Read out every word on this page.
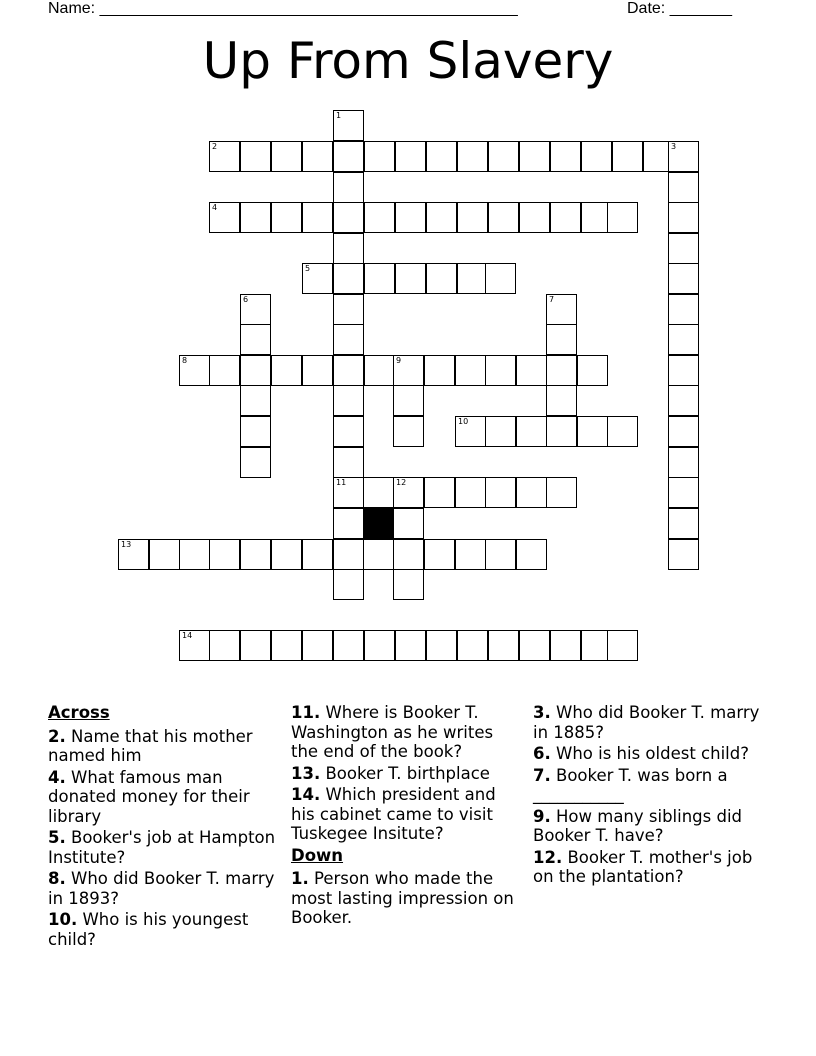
Name: _______________________________________________	Date: _______
Up From Slavery
1
2	3
4
5
6	7
8	9
10
11	12
13
14
Across
2. Name that his mother named him
4. What famous man donated money for their library
5. Booker's job at Hampton Institute?
8. Who did Booker T. marry in 1893?
10. Who is his youngest child?
11. Where is Booker T. Washington as he writes the end of the book?
13. Booker T. birthplace
14. Which president and his cabinet came to visit Tuskegee Insitute?
Down
1. Person who made the most lasting impression on Booker.
3. Who did Booker T. marry in 1885?
6. Who is his oldest child?
7. Booker T. was born a ___________
9. How many siblings did Booker T. have?
12. Booker T. mother's job on the plantation?
